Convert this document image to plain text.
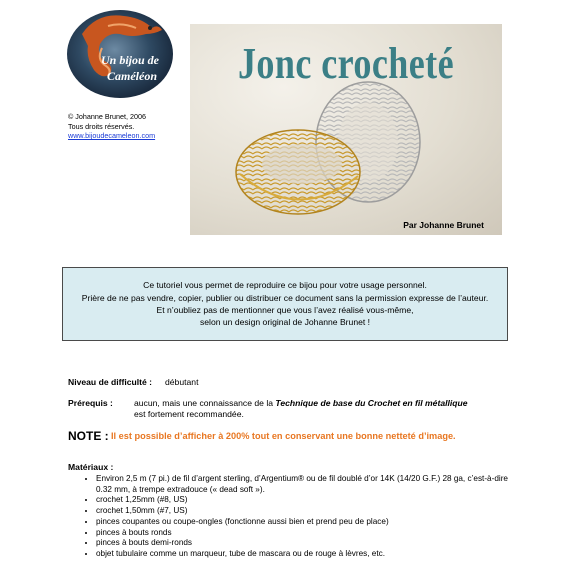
Un bijou de
Caméléon
© Johanne Brunet, 2006
Tous droits réservés.
www.bijoudecameleon.com
Jonc crocheté
Par Johanne Brunet

Ce tutoriel vous permet de reproduire ce bijou pour votre usage personnel.

Prière de ne pas vendre, copier, publier ou distribuer ce document sans la permission expresse de l’auteur.

Et n’oubliez pas de mentionner que vous l’avez réalisé vous-même,

selon un design original de Johanne Brunet !

Niveau de difficulté : débutant
Prérequis : aucun, mais une connaissance de la Technique de base du Crochet en fil métallique
est fortement recommandée.
NOTE : Il est possible d’afficher à 200% tout en conservant une bonne netteté d’image.
Matériaux :
• Environ 2,5 m (7 pi.) de fil d’argent sterling, d’Argentium® ou de fil doublé d’or 14K (14/20 G.F.) 28 ga, c’est-à-dire 0.32 mm, à trempe extradouce (« dead soft »).
• crochet 1,25mm (#8, US)
• crochet 1,50mm (#7, US)
• pinces coupantes ou coupe-ongles (fonctionne aussi bien et prend peu de place)
• pinces à bouts ronds
• pinces à bouts demi-ronds
• objet tubulaire comme un marqueur, tube de mascara ou de rouge à lèvres, etc.
